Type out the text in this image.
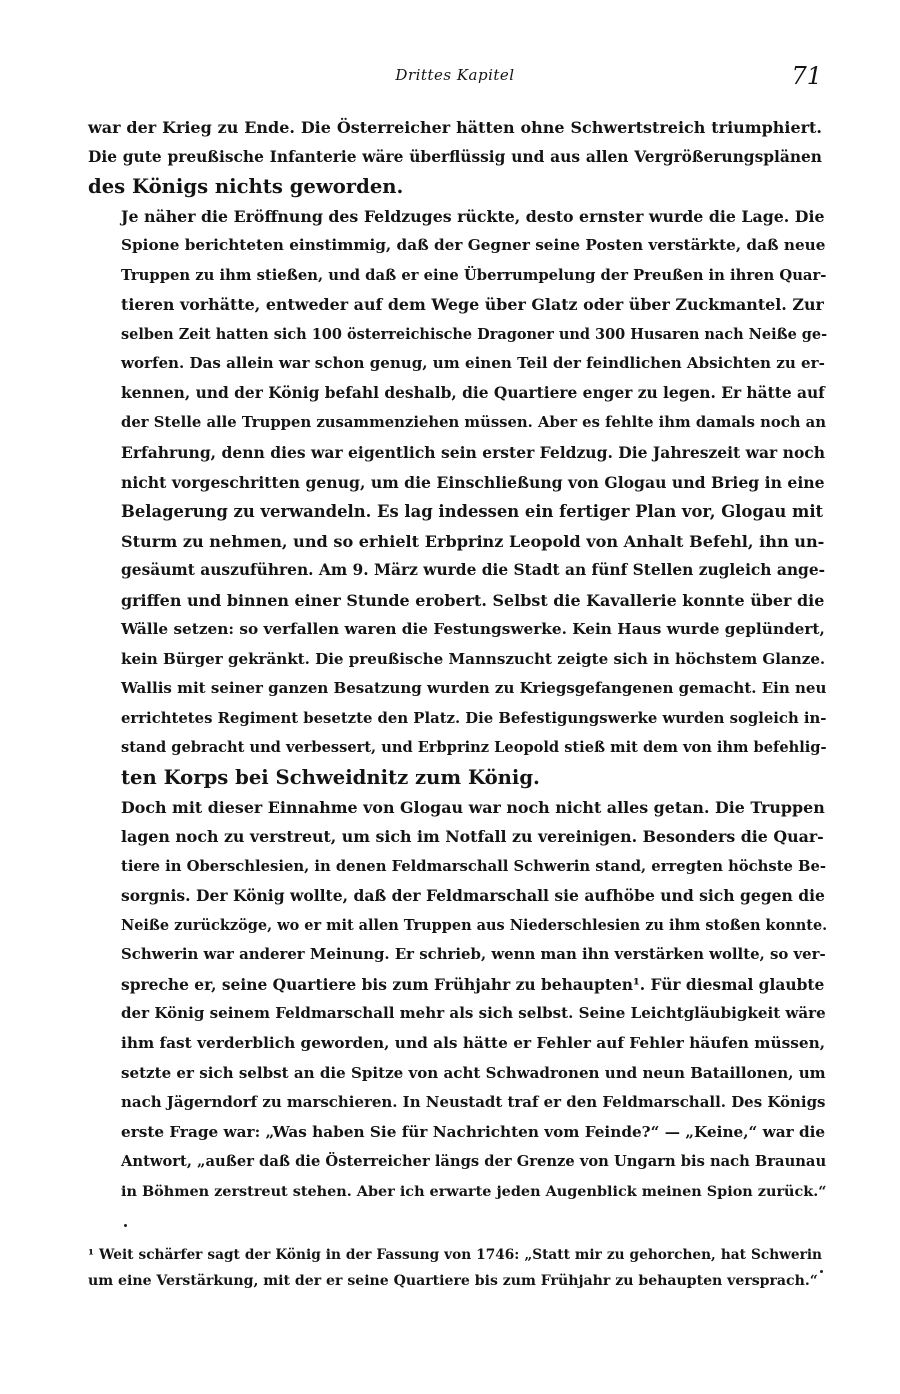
Drittes Kapitel	71
war der Krieg zu Ende. Die Österreicher hätten ohne Schwertstreich triumphiert.
Die gute preußische Infanterie wäre überflüssig und aus allen Vergrößerungsplänen
des Königs nichts geworden.
Je näher die Eröffnung des Feldzuges rückte, desto ernster wurde die Lage. Die
Spione berichteten einstimmig, daß der Gegner seine Posten verstärkte, daß neue
Truppen zu ihm stießen, und daß er eine Überrumpelung der Preußen in ihren Quar-
tieren vorhätte, entweder auf dem Wege über Glatz oder über Zuckmantel. Zur
selben Zeit hatten sich 100 österreichische Dragoner und 300 Husaren nach Neiße ge-
worfen. Das allein war schon genug, um einen Teil der feindlichen Absichten zu er-
kennen, und der König befahl deshalb, die Quartiere enger zu legen. Er hätte auf
der Stelle alle Truppen zusammenziehen müssen. Aber es fehlte ihm damals noch an
Erfahrung, denn dies war eigentlich sein erster Feldzug. Die Jahreszeit war noch
nicht vorgeschritten genug, um die Einschließung von Glogau und Brieg in eine
Belagerung zu verwandeln. Es lag indessen ein fertiger Plan vor, Glogau mit
Sturm zu nehmen, und so erhielt Erbprinz Leopold von Anhalt Befehl, ihn un-
gesäumt auszuführen. Am 9. März wurde die Stadt an fünf Stellen zugleich ange-
griffen und binnen einer Stunde erobert. Selbst die Kavallerie konnte über die
Wälle setzen: so verfallen waren die Festungswerke. Kein Haus wurde geplündert,
kein Bürger gekränkt. Die preußische Mannszucht zeigte sich in höchstem Glanze.
Wallis mit seiner ganzen Besatzung wurden zu Kriegsgefangenen gemacht. Ein neu
errichtetes Regiment besetzte den Platz. Die Befestigungswerke wurden sogleich in-
stand gebracht und verbessert, und Erbprinz Leopold stieß mit dem von ihm befehlig-
ten Korps bei Schweidnitz zum König.
Doch mit dieser Einnahme von Glogau war noch nicht alles getan. Die Truppen
lagen noch zu verstreut, um sich im Notfall zu vereinigen. Besonders die Quar-
tiere in Oberschlesien, in denen Feldmarschall Schwerin stand, erregten höchste Be-
sorgnis. Der König wollte, daß der Feldmarschall sie aufhöbe und sich gegen die
Neiße zurückzöge, wo er mit allen Truppen aus Niederschlesien zu ihm stoßen konnte.
Schwerin war anderer Meinung. Er schrieb, wenn man ihn verstärken wollte, so ver-
spreche er, seine Quartiere bis zum Frühjahr zu behaupten¹. Für diesmal glaubte
der König seinem Feldmarschall mehr als sich selbst. Seine Leichtgläubigkeit wäre
ihm fast verderblich geworden, und als hätte er Fehler auf Fehler häufen müssen,
setzte er sich selbst an die Spitze von acht Schwadronen und neun Bataillonen, um
nach Jägerndorf zu marschieren. In Neustadt traf er den Feldmarschall. Des Königs
erste Frage war: „Was haben Sie für Nachrichten vom Feinde?“ — „Keine,“ war die
Antwort, „außer daß die Österreicher längs der Grenze von Ungarn bis nach Braunau
in Böhmen zerstreut stehen. Aber ich erwarte jeden Augenblick meinen Spion zurück.“
¹ Weit schärfer sagt der König in der Fassung von 1746: „Statt mir zu gehorchen, hat Schwerin
um eine Verstärkung, mit der er seine Quartiere bis zum Frühjahr zu behaupten versprach.“
